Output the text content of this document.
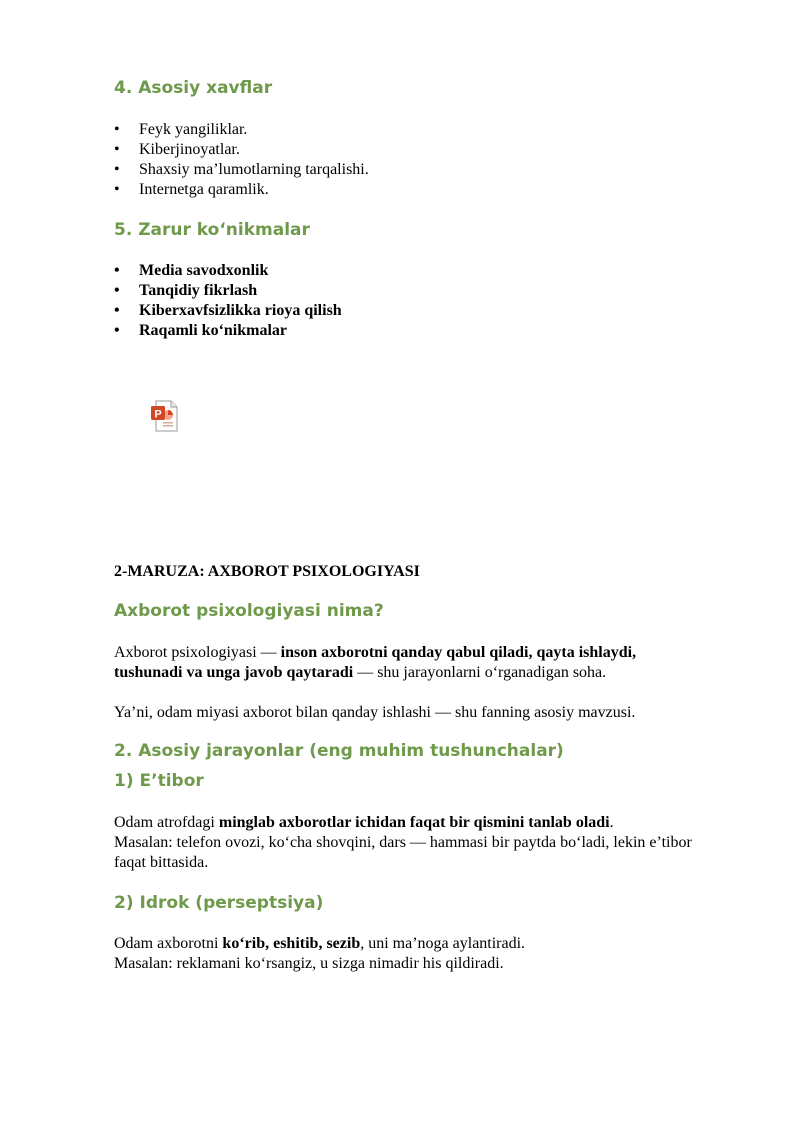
4. Asosiy xavflar
• Feyk yangiliklar.
• Kiberjinoyatlar.
• Shaxsiy ma’lumotlarning tarqalishi.
• Internetga qaramlik.
5. Zarur ko‘nikmalar
• Media savodxonlik
• Tanqidiy fikrlash
• Kiberxavfsizlikka rioya qilish
• Raqamli ko‘nikmalar

2-MARUZA: AXBOROT PSIXOLOGIYASI

Axborot psixologiyasi nima?

Axborot psixologiyasi — inson axborotni qanday qabul qiladi, qayta ishlaydi, tushunadi va unga javob qaytaradi — shu jarayonlarni o‘rganadigan soha.

Ya’ni, odam miyasi axborot bilan qanday ishlashi — shu fanning asosiy mavzusi.

2. Asosiy jarayonlar (eng muhim tushunchalar)
1) E’tibor

Odam atrofdagi minglab axborotlar ichidan faqat bir qismini tanlab oladi.
Masalan: telefon ovozi, ko‘cha shovqini, dars — hammasi bir paytda bo‘ladi, lekin e’tibor faqat bittasida.

2) Idrok (perseptsiya)

Odam axborotni ko‘rib, eshitib, sezib, uni ma’noga aylantiradi.
Masalan: reklamani ko‘rsangiz, u sizga nimadir his qildiradi.

P
